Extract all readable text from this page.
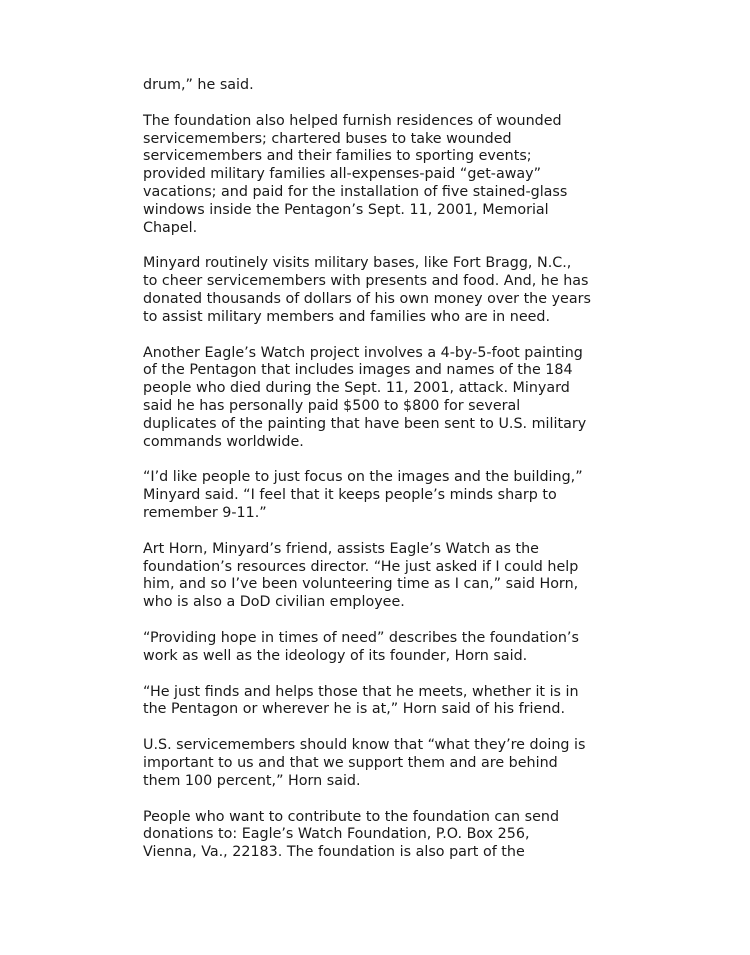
drum,” he said.

The foundation also helped furnish residences of wounded
servicemembers; chartered buses to take wounded
servicemembers and their families to sporting events;
provided military families all-expenses-paid “get-away”
vacations; and paid for the installation of five stained-glass
windows inside the Pentagon’s Sept. 11, 2001, Memorial
Chapel.

Minyard routinely visits military bases, like Fort Bragg, N.C.,
to cheer servicemembers with presents and food. And, he has
donated thousands of dollars of his own money over the years
to assist military members and families who are in need.

Another Eagle’s Watch project involves a 4-by-5-foot painting
of the Pentagon that includes images and names of the 184
people who died during the Sept. 11, 2001, attack. Minyard
said he has personally paid $500 to $800 for several
duplicates of the painting that have been sent to U.S. military
commands worldwide.

“I’d like people to just focus on the images and the building,”
Minyard said. “I feel that it keeps people’s minds sharp to
remember 9-11.”

Art Horn, Minyard’s friend, assists Eagle’s Watch as the
foundation’s resources director. “He just asked if I could help
him, and so I’ve been volunteering time as I can,” said Horn,
who is also a DoD civilian employee.

“Providing hope in times of need” describes the foundation’s
work as well as the ideology of its founder, Horn said.

“He just finds and helps those that he meets, whether it is in
the Pentagon or wherever he is at,” Horn said of his friend.

U.S. servicemembers should know that “what they’re doing is
important to us and that we support them and are behind
them 100 percent,” Horn said.

People who want to contribute to the foundation can send
donations to: Eagle’s Watch Foundation, P.O. Box 256,
Vienna, Va., 22183. The foundation is also part of the
